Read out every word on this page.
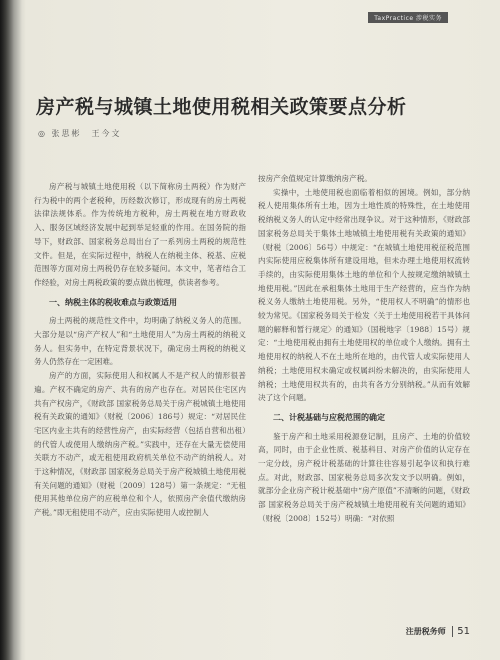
TaxPractice 涉税实务
房产税与城镇土地使用税相关政策要点分析
◎ 张思彬　王今文

房产税与城镇土地使用税（以下简称房土两税）作为财产行为税中的两个老税种，历经数次修订，形成现有的房土两税法律法规体系。作为传统地方税种，房土两税在地方财政收入、服务区域经济发展中起到举足轻重的作用。在国务院的指导下，财政部、国家税务总局出台了一系列房土两税的规范性文件。但是，在实际过程中，纳税人在纳税主体、税基、应税范围等方面对房土两税仍存在较多疑问。本文中，笔者结合工作经验，对房土两税政策的要点做出梳理，供读者参考。

一、纳税主体的税收难点与政策适用

房土两税的规范性文件中，均明确了纳税义务人的范围。大部分是以“房产产权人”和“土地使用人”为房土两税的纳税义务人。但实务中，在特定背景状况下，确定房土两税的纳税义务人仍然存在一定困难。

房产的方面，实际使用人和权属人不是产权人的情形很普遍。产权不确定的房产、共有的房产也存在。对居民住宅区内共有产权房产，《财政部 国家税务总局关于房产税城镇土地使用税有关政策的通知》（财税〔2006〕186号）规定：“对居民住宅区内业主共有的经营性房产，由实际经营（包括自营和出租）的代管人或使用人缴纳房产税。”实践中，还存在大量无偿使用关联方不动产，或无租使用政府机关单位不动产的纳税人。对于这种情况，《财政部 国家税务总局关于房产税城镇土地使用税有关问题的通知》（财税〔2009〕128号）第一条规定：“无租使用其他单位房产的应税单位和个人，依照房产余值代缴纳房产税。”即无租使用不动产，应由实际使用人或控制人

按房产余值规定计算缴纳房产税。

实操中，土地使用税也面临着相似的困境。例如，部分纳税人使用集体所有土地，因为土地性质的特殊性，在土地使用税纳税义务人的认定中经常出现争议。对于这种情形，《财政部 国家税务总局关于集体土地城镇土地使用税有关政策的通知》（财税〔2006〕56号）中规定：“在城镇土地使用税征税范围内实际使用应税集体所有建设用地，但未办理土地使用权流转手续的，由实际使用集体土地的单位和个人按规定缴纳城镇土地使用税。”因此在承租集体土地用于生产经营的，应当作为纳税义务人缴纳土地使用税。另外，“使用权人不明确”的情形也较为常见。《国家税务局关于检发〈关于土地使用税若干具体问题的解释和暂行规定〉的通知》（国税地字〔1988〕15号）规定：“土地使用税由拥有土地使用权的单位或个人缴纳。拥有土地使用权的纳税人不在土地所在地的，由代管人或实际使用人纳税；土地使用权未确定或权属纠纷未解决的，由实际使用人纳税；土地使用权共有的，由共有各方分别纳税。”从而有效解决了这个问题。

二、计税基础与应税范围的确定

鉴于房产和土地采用税源登记制，且房产、土地的价值较高，同时，由于企业性质、税基科目、对房产价值的认定存在一定分歧，房产税计税基础的计算往往容易引起争议和执行难点。对此，财政部、国家税务总局多次发文予以明确。例如，就部分企业房产税计税基础中“房产原值”不清晰的问题，《财政部 国家税务总局关于房产税城镇土地使用税有关问题的通知》（财税〔2008〕152号）明确：“对依照

注册税务师 51
